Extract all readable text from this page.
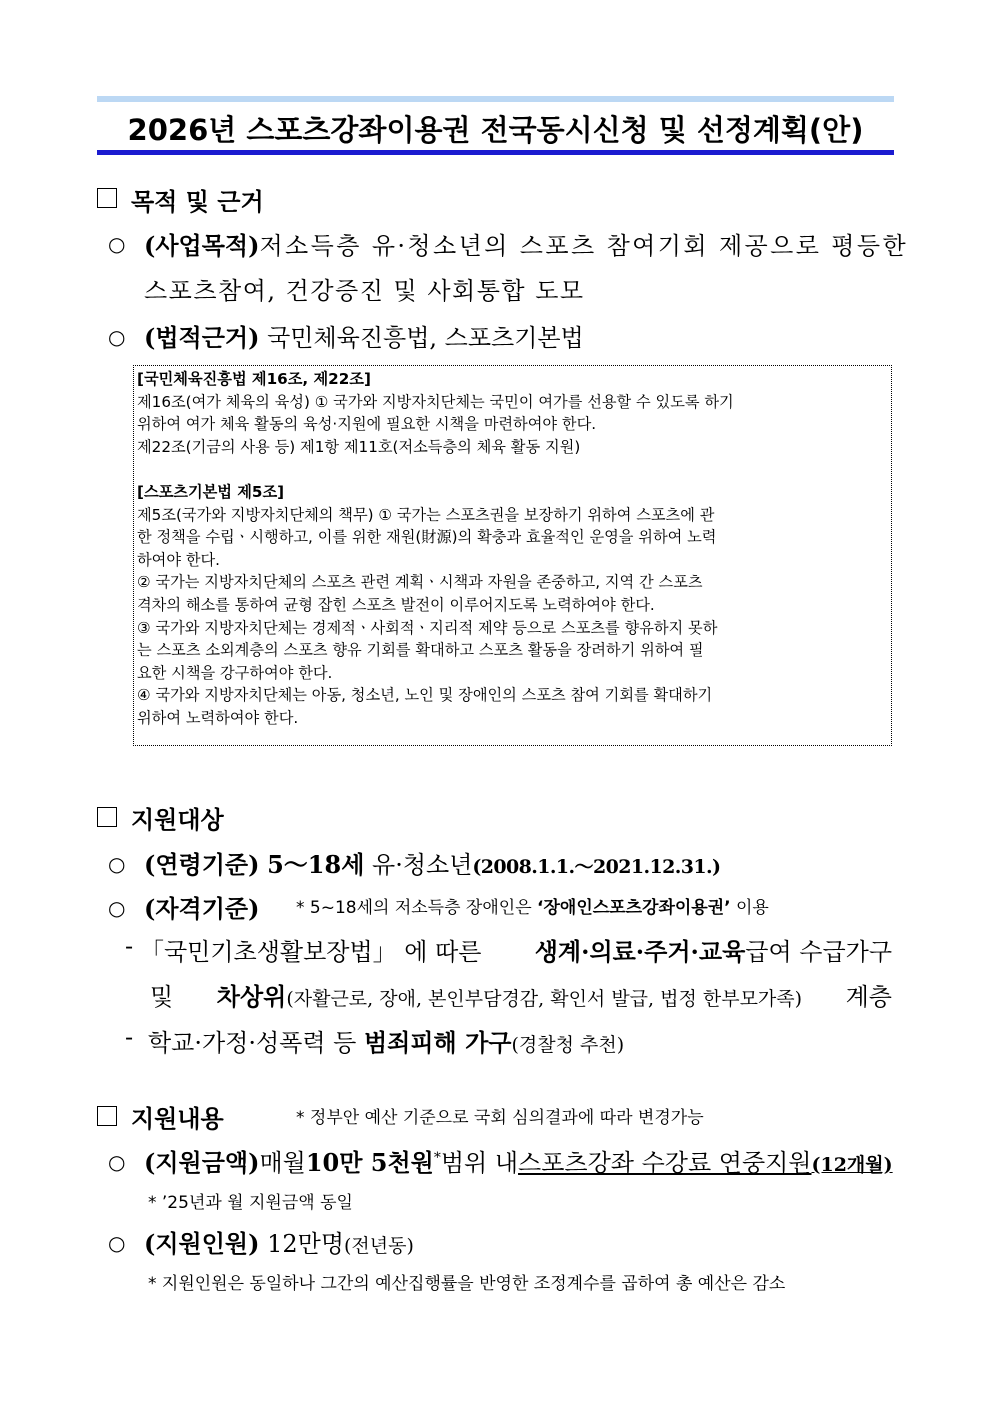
2026년 스포츠강좌이용권 전국동시신청 및 선정계획(안)
목적 및 근거
○ (사업목적) 저소득층 유·청소년의 스포츠 참여기회 제공으로 평등한
스포츠참여, 건강증진 및 사회통합 도모
○ (법적근거) 국민체육진흥법, 스포츠기본법

[국민체육진흥법 제16조, 제22조]

제16조(여가 체육의 육성) ① 국가와 지방자치단체는 국민이 여가를 선용할 수 있도록 하기

위하여 여가 체육 활동의 육성·지원에 필요한 시책을 마련하여야 한다.

제22조(기금의 사용 등) 제1항 제11호(저소득층의 체육 활동 지원)

[스포츠기본법 제5조]

제5조(국가와 지방자치단체의 책무) ① 국가는 스포츠권을 보장하기 위하여 스포츠에 관

한 정책을 수립ㆍ시행하고, 이를 위한 재원(財源)의 확충과 효율적인 운영을 위하여 노력

하여야 한다.

② 국가는 지방자치단체의 스포츠 관련 계획ㆍ시책과 자원을 존중하고, 지역 간 스포츠

격차의 해소를 통하여 균형 잡힌 스포츠 발전이 이루어지도록 노력하여야 한다.

③ 국가와 지방자치단체는 경제적ㆍ사회적ㆍ지리적 제약 등으로 스포츠를 향유하지 못하

는 스포츠 소외계층의 스포츠 향유 기회를 확대하고 스포츠 활동을 장려하기 위하여 필

요한 시책을 강구하여야 한다.

④ 국가와 지방자치단체는 아동, 청소년, 노인 및 장애인의 스포츠 참여 기회를 확대하기

위하여 노력하여야 한다.

지원대상
○ (연령기준) 5～18세 유·청소년(2008.1.1.～2021.12.31.)
○ (자격기준) * 5~18세의 저소득층 장애인은 ‘장애인스포츠강좌이용권’ 이용
- 「국민기초생활보장법」 에 따른 생계·의료·주거·교육급여 수급가구
및 차상위(자활근로, 장애, 본인부담경감, 확인서 발급, 법정 한부모가족) 계층
- 학교·가정·성폭력 등 범죄피해 가구(경찰청 추천)
지원내용	* 정부안 예산 기준으로 국회 심의결과에 따라 변경가능
○ (지원금액) 매월 10만 5천원* 범위 내 스포츠강좌 수강료 연중지원(12개월)
* ’25년과 월 지원금액 동일
○ (지원인원) 12만명(전년동)
* 지원인원은 동일하나 그간의 예산집행률을 반영한 조정계수를 곱하여 총 예산은 감소
